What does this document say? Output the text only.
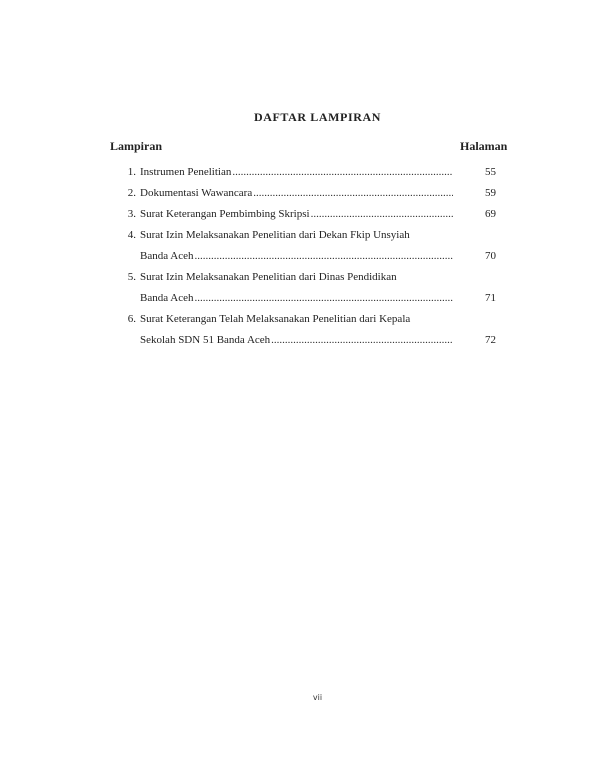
DAFTAR LAMPIRAN
Lampiran	Halaman
1. Instrumen Penelitian .....	55
2. Dokumentasi Wawancara .....	59
3. Surat Keterangan Pembimbing Skripsi .....	69
4. Surat Izin Melaksanakan Penelitian dari Dekan Fkip Unsyiah
Banda Aceh .....	70
5. Surat Izin Melaksanakan Penelitian dari Dinas Pendidikan
Banda Aceh .....	71
6. Surat Keterangan Telah Melaksanakan Penelitian dari Kepala
Sekolah SDN 51 Banda Aceh .....	72
vii
